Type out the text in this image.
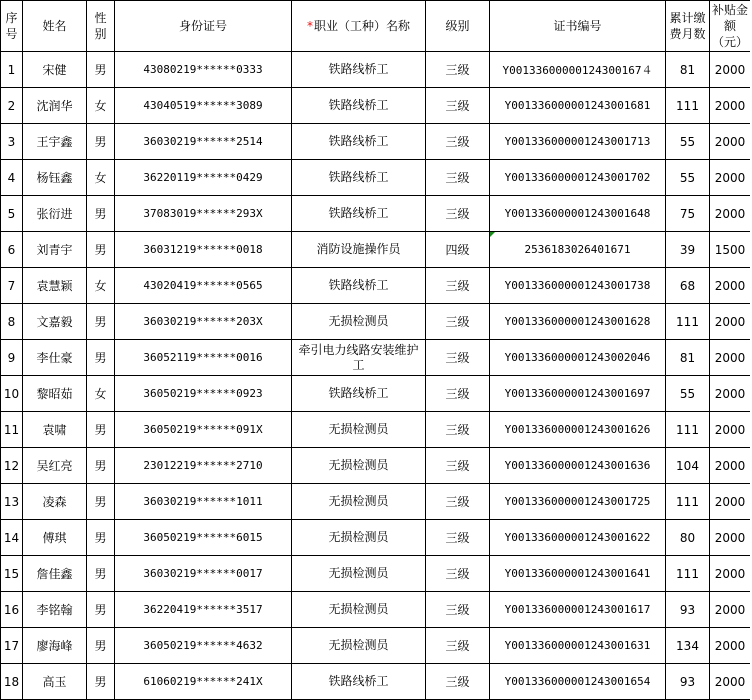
序号	姓名	性别	身份证号	*职业（工种）名称	级别	证书编号	累计缴费月数	补贴金额（元）
1	宋健	男	43080219******0333	铁路线桥工	三级	Y00133600000124300167４	81	2000
2	沈润华	女	43040519******3089	铁路线桥工	三级	Y001336000001243001681	111	2000
3	王宇鑫	男	36030219******2514	铁路线桥工	三级	Y001336000001243001713	55	2000
4	杨钰鑫	女	36220119******0429	铁路线桥工	三级	Y001336000001243001702	55	2000
5	张衍进	男	37083019******293X	铁路线桥工	三级	Y001336000001243001648	75	2000
6	刘青宇	男	36031219******0018	消防设施操作员	四级	2536183026401671	39	1500
7	袁慧颖	女	43020419******0565	铁路线桥工	三级	Y001336000001243001738	68	2000
8	文嘉毅	男	36030219******203X	无损检测员	三级	Y001336000001243001628	111	2000
9	李仕豪	男	36052119******0016	牵引电力线路安装维护工	三级	Y001336000001243002046	81	2000
10	黎昭茹	女	36050219******0923	铁路线桥工	三级	Y001336000001243001697	55	2000
11	袁啸	男	36050219******091X	无损检测员	三级	Y001336000001243001626	111	2000
12	吴红亮	男	23012219******2710	无损检测员	三级	Y001336000001243001636	104	2000
13	凌森	男	36030219******1011	无损检测员	三级	Y001336000001243001725	111	2000
14	傅琪	男	36050219******6015	无损检测员	三级	Y001336000001243001622	80	2000
15	詹佳鑫	男	36030219******0017	无损检测员	三级	Y001336000001243001641	111	2000
16	李铭翰	男	36220419******3517	无损检测员	三级	Y001336000001243001617	93	2000
17	廖海峰	男	36050219******4632	无损检测员	三级	Y001336000001243001631	134	2000
18	高玉	男	61060219******241X	铁路线桥工	三级	Y001336000001243001654	93	2000
